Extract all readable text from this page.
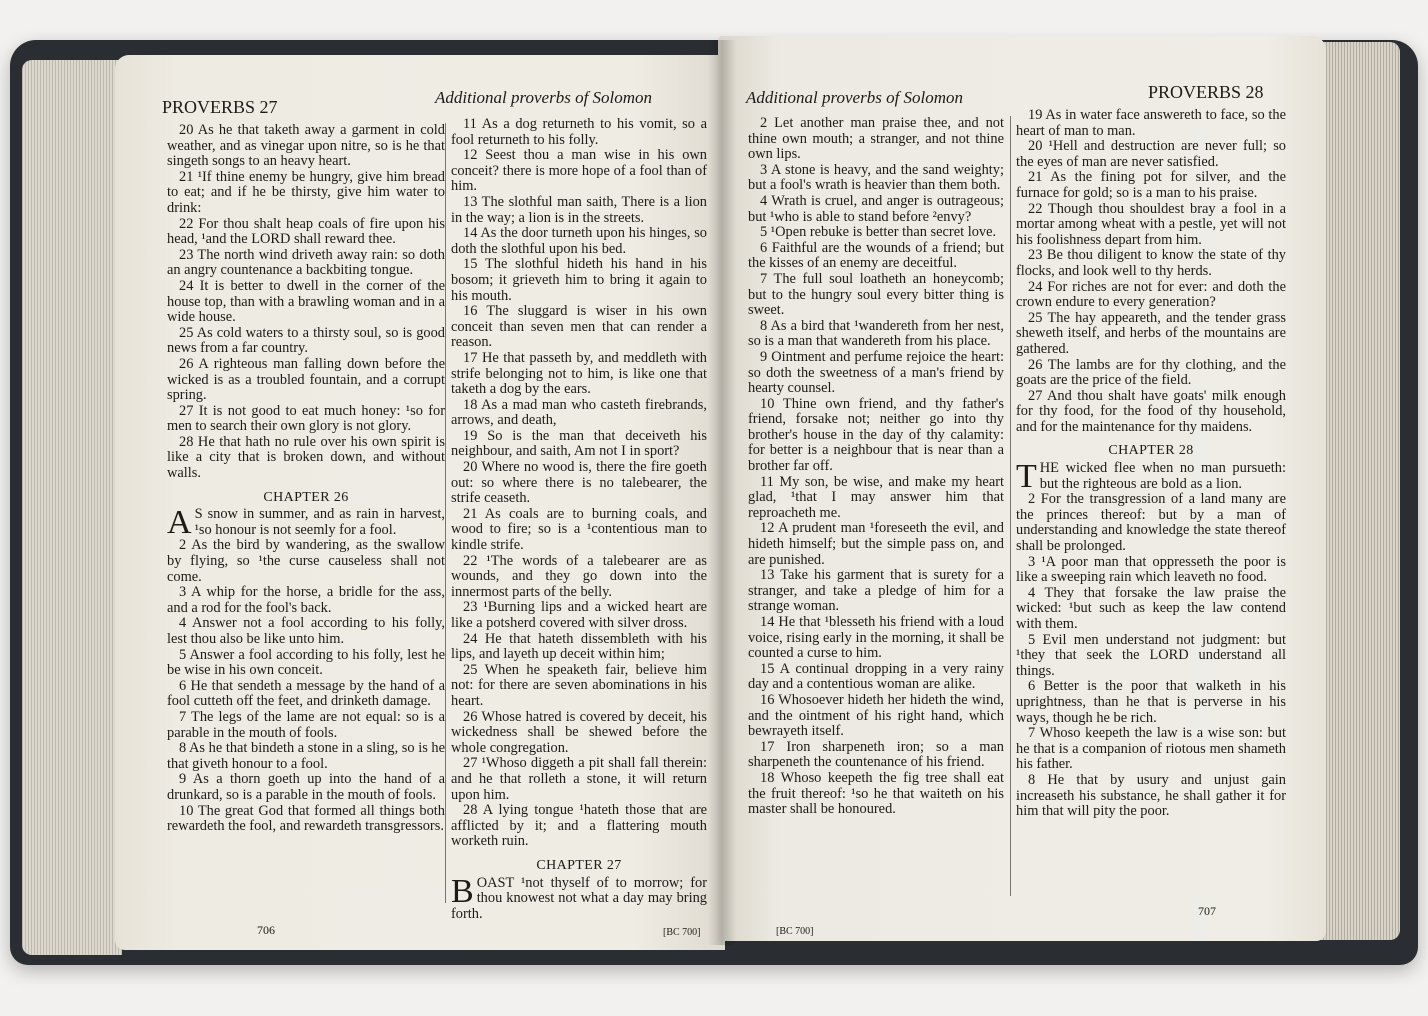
PROVERBS 27	Additional proverbs of Solomon

20 As he that taketh away a garment in cold weather, and as vinegar upon nitre, so is he that singeth songs to an heavy heart.

21 ¹If thine enemy be hungry, give him bread to eat; and if he be thirsty, give him water to drink:

22 For thou shalt heap coals of fire upon his head, ¹and the LORD shall reward thee.

23 The north wind driveth away rain: so doth an angry countenance a backbiting tongue.

24 It is better to dwell in the corner of the house top, than with a brawling woman and in a wide house.

25 As cold waters to a thirsty soul, so is good news from a far country.

26 A righteous man falling down before the wicked is as a troubled fountain, and a corrupt spring.

27 It is not good to eat much honey: ¹so for men to search their own glory is not glory.

28 He that hath no rule over his own spirit is like a city that is broken down, and without walls.

CHAPTER 26

A S snow in summer, and as rain in harvest, ¹so honour is not seemly for a fool.

2 As the bird by wandering, as the swallow by flying, so ¹the curse causeless shall not come.

3 A whip for the horse, a bridle for the ass, and a rod for the fool's back.

4 Answer not a fool according to his folly, lest thou also be like unto him.

5 Answer a fool according to his folly, lest he be wise in his own conceit.

6 He that sendeth a message by the hand of a fool cutteth off the feet, and drinketh damage.

7 The legs of the lame are not equal: so is a parable in the mouth of fools.

8 As he that bindeth a stone in a sling, so is he that giveth honour to a fool.

9 As a thorn goeth up into the hand of a drunkard, so is a parable in the mouth of fools.

10 The great God that formed all things both rewardeth the fool, and rewardeth transgressors.

11 As a dog returneth to his vomit, so a fool returneth to his folly.

12 Seest thou a man wise in his own conceit? there is more hope of a fool than of him.

13 The slothful man saith, There is a lion in the way; a lion is in the streets.

14 As the door turneth upon his hinges, so doth the slothful upon his bed.

15 The slothful hideth his hand in his bosom; it grieveth him to bring it again to his mouth.

16 The sluggard is wiser in his own conceit than seven men that can render a reason.

17 He that passeth by, and meddleth with strife belonging not to him, is like one that taketh a dog by the ears.

18 As a mad man who casteth firebrands, arrows, and death,

19 So is the man that deceiveth his neighbour, and saith, Am not I in sport?

20 Where no wood is, there the fire goeth out: so where there is no talebearer, the strife ceaseth.

21 As coals are to burning coals, and wood to fire; so is a ¹contentious man to kindle strife.

22 ¹The words of a talebearer are as wounds, and they go down into the innermost parts of the belly.

23 ¹Burning lips and a wicked heart are like a potsherd covered with silver dross.

24 He that hateth dissembleth with his lips, and layeth up deceit within him;

25 When he speaketh fair, believe him not: for there are seven abominations in his heart.

26 Whose hatred is covered by deceit, his wickedness shall be shewed before the whole congregation.

27 ¹Whoso diggeth a pit shall fall therein: and he that rolleth a stone, it will return upon him.

28 A lying tongue ¹hateth those that are afflicted by it; and a flattering mouth worketh ruin.

CHAPTER 27

BOAST ¹not thyself of to morrow; for thou knowest not what a day may bring forth.

706	[BC 700]
Additional proverbs of Solomon	PROVERBS 28

2 Let another man praise thee, and not thine own mouth; a stranger, and not thine own lips.

3 A stone is heavy, and the sand weighty; but a fool's wrath is heavier than them both.

4 Wrath is cruel, and anger is outrageous; but ¹who is able to stand before ²envy?

5 ¹Open rebuke is better than secret love.

6 Faithful are the wounds of a friend; but the kisses of an enemy are deceitful.

7 The full soul loatheth an honeycomb; but to the hungry soul every bitter thing is sweet.

8 As a bird that ¹wandereth from her nest, so is a man that wandereth from his place.

9 Ointment and perfume rejoice the heart: so doth the sweetness of a man's friend by hearty counsel.

10 Thine own friend, and thy father's friend, forsake not; neither go into thy brother's house in the day of thy calamity: for better is a neighbour that is near than a brother far off.

11 My son, be wise, and make my heart glad, ¹that I may answer him that reproacheth me.

12 A prudent man ¹foreseeth the evil, and hideth himself; but the simple pass on, and are punished.

13 Take his garment that is surety for a stranger, and take a pledge of him for a strange woman.

14 He that ¹blesseth his friend with a loud voice, rising early in the morning, it shall be counted a curse to him.

15 A continual dropping in a very rainy day and a contentious woman are alike.

16 Whosoever hideth her hideth the wind, and the ointment of his right hand, which bewrayeth itself.

17 Iron sharpeneth iron; so a man sharpeneth the countenance of his friend.

18 Whoso keepeth the fig tree shall eat the fruit thereof: ¹so he that waiteth on his master shall be honoured.

19 As in water face answereth to face, so the heart of man to man.

20 ¹Hell and destruction are never full; so the eyes of man are never satisfied.

21 As the fining pot for silver, and the furnace for gold; so is a man to his praise.

22 Though thou shouldest bray a fool in a mortar among wheat with a pestle, yet will not his foolishness depart from him.

23 Be thou diligent to know the state of thy flocks, and look well to thy herds.

24 For riches are not for ever: and doth the crown endure to every generation?

25 The hay appeareth, and the tender grass sheweth itself, and herbs of the mountains are gathered.

26 The lambs are for thy clothing, and the goats are the price of the field.

27 And thou shalt have goats' milk enough for thy food, for the food of thy household, and for the maintenance for thy maidens.

CHAPTER 28

THE wicked flee when no man pursueth: but the righteous are bold as a lion.

2 For the transgression of a land many are the princes thereof: but by a man of understanding and knowledge the state thereof shall be prolonged.

3 ¹A poor man that oppresseth the poor is like a sweeping rain which leaveth no food.

4 They that forsake the law praise the wicked: ¹but such as keep the law contend with them.

5 Evil men understand not judgment: but ¹they that seek the LORD understand all things.

6 Better is the poor that walketh in his uprightness, than he that is perverse in his ways, though he be rich.

7 Whoso keepeth the law is a wise son: but he that is a companion of riotous men shameth his father.

8 He that by usury and unjust gain increaseth his substance, he shall gather it for him that will pity the poor.

[BC 700]
707
